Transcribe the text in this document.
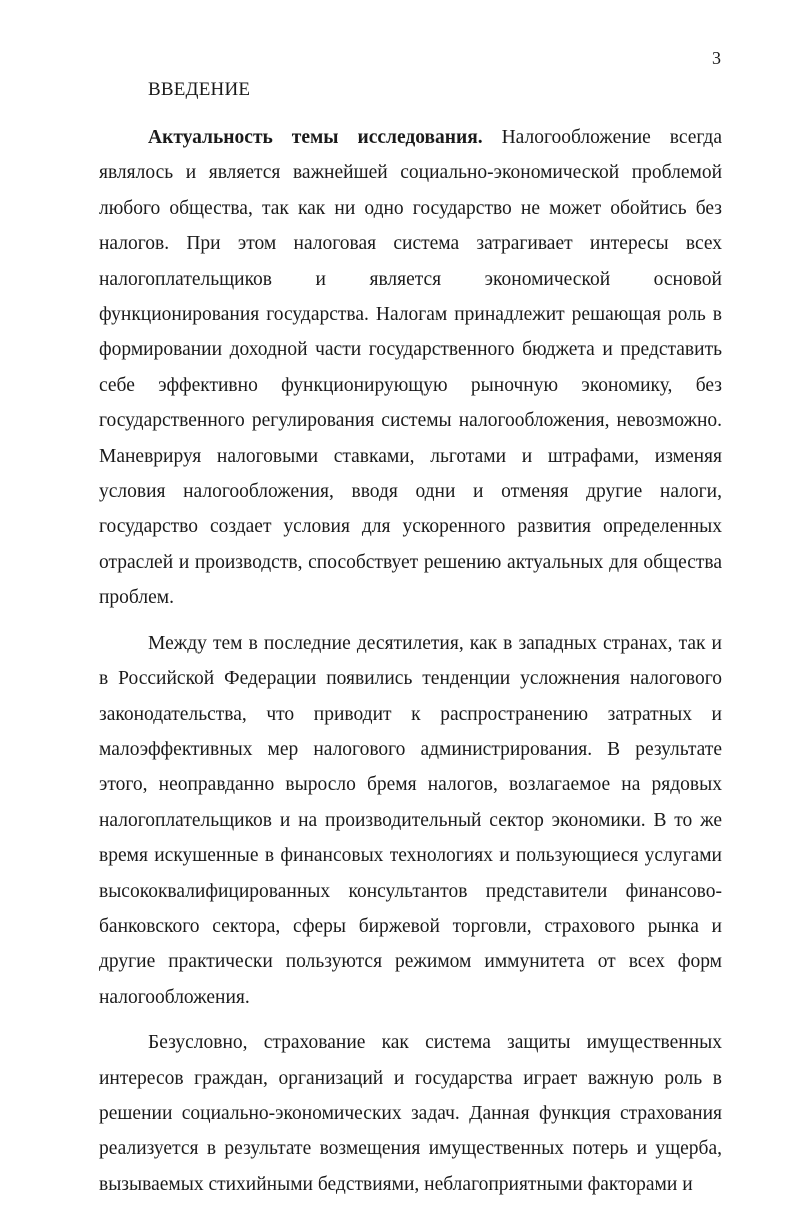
3
ВВЕДЕНИЕ

Актуальность темы исследования. Налогообложение всегда являлось и является важнейшей социально-экономической проблемой любого общества, так как ни одно государство не может обойтись без налогов. При этом налоговая система затрагивает интересы всех налогоплательщиков и является экономической основой функционирования государства. Налогам принадлежит решающая роль в формировании доходной части государственного бюджета и представить себе эффективно функционирующую рыночную экономику, без государственного регулирования системы налогообложения, невозможно. Маневрируя налоговыми ставками, льготами и штрафами, изменяя условия налогообложения, вводя одни и отменяя другие налоги, государство создает условия для ускоренного развития определенных отраслей и производств, способствует решению актуальных для общества проблем.

Между тем в последние десятилетия, как в западных странах, так и в Российской Федерации появились тенденции усложнения налогового законодательства, что приводит к распространению затратных и малоэффективных мер налогового администрирования. В результате этого, неоправданно выросло бремя налогов, возлагаемое на рядовых налогоплательщиков и на производительный сектор экономики. В то же время искушенные в финансовых технологиях и пользующиеся услугами высококвалифицированных консультантов представители финансово-банковского сектора, сферы биржевой торговли, страхового рынка и другие практически пользуются режимом иммунитета от всех форм налогообложения.

Безусловно, страхование как система защиты имущественных интересов граждан, организаций и государства играет важную роль в решении социально-экономических задач. Данная функция страхования реализуется в результате возмещения имущественных потерь и ущерба, вызываемых стихийными бедствиями, неблагоприятными факторами и
